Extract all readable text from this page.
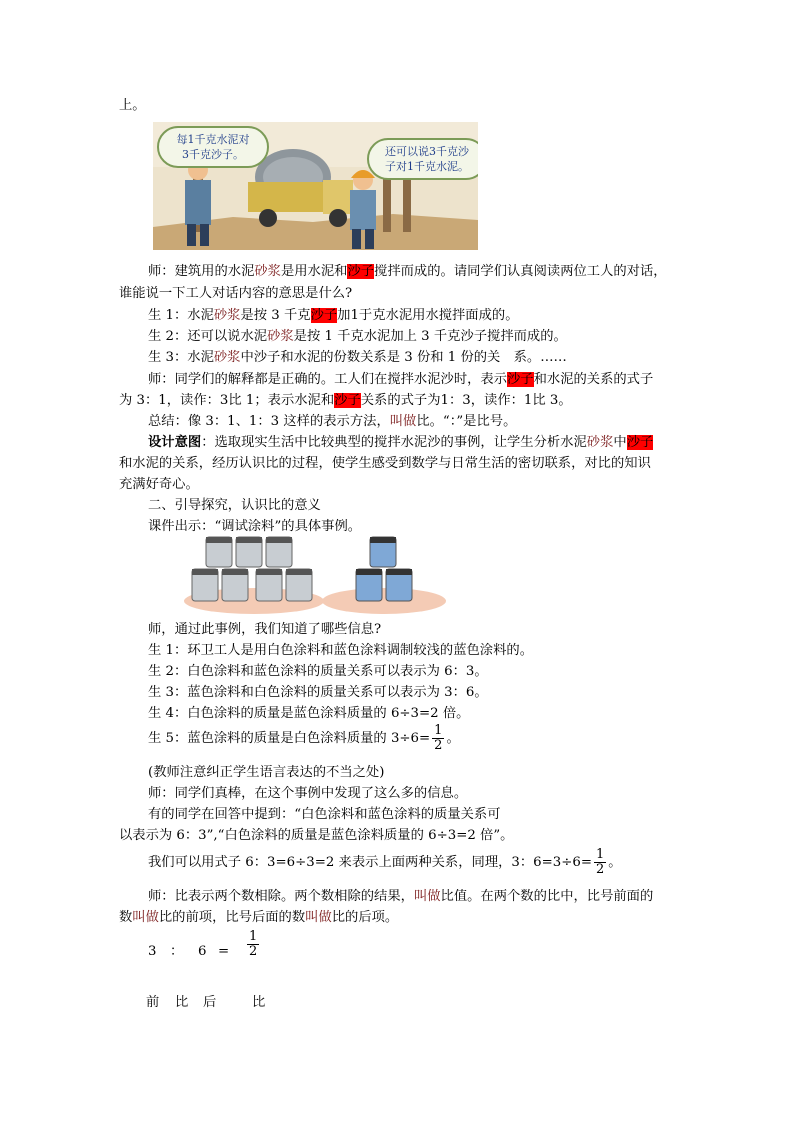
上。
每1千克水泥对
3千克沙子。	还可以说3千克沙
子对1千克水泥。
师：建筑用的水泥砂浆是用水泥和沙子搅拌而成的。请同学们认真阅读两位工人的对话，
谁能说一下工人对话内容的意思是什么?
生 1：水泥砂浆是按 3 千克沙子加1于克水泥用水搅拌面成的。
生 2：还可以说水泥砂浆是按 1 千克水泥加上 3 千克沙子搅拌而成的。
生 3：水泥砂浆中沙子和水泥的份数关系是 3 份和 1 份的关　系。……
师：同学们的解释都是正确的。工人们在搅拌水泥沙时，表示沙子和水泥的关系的式子
为 3：1，读作：3比 1；表示水泥和沙子关系的式子为1：3，读作：1比 3。
总结：像 3：1、1：3 这样的表示方法，叫做比。“：”是比号。
设计意图：选取现实生活中比较典型的搅拌水泥沙的事例，让学生分析水泥砂浆中沙子
和水泥的关系，经历认识比的过程，使学生感受到数学与日常生活的密切联系，对比的知识
充满好奇心。
二、引导探究，认识比的意义
课件出示：“调试涂料”的具体事例。
师，通过此事例，我们知道了哪些信息?
生 1：环卫工人是用白色涂料和蓝色涂料调制较浅的蓝色涂料的。
生 2：白色涂料和蓝色涂料的质量关系可以表示为 6：3。
生 3：蓝色涂料和白色涂料的质量关系可以表示为 3：6。
生 4：白色涂料的质量是蓝色涂料质量的 6÷3=2 倍。
生 5：蓝色涂料的质量是白色涂料质量的 $3\div 6= \frac{1}{2}$ 。
(教师注意纠正学生语言表达的不当之处)
师：同学们真棒，在这个事例中发现了这么多的信息。
有的同学在回答中提到：“白色涂料和蓝色涂料的质量关系可
以表示为 6：3”,“白色涂料的质量是蓝色涂料质量的 6÷3=2 倍”。
我们可以用式子 6：3=6÷3=2 来表示上面两种关系，同理，3：$6=3\div 6= \frac{1}{2}$ 。
师：比表示两个数相除。两个数相除的结果，叫做比值。在两个数的比中，比号前面的
数叫做比的前项，比号后面的数叫做比的后项。
3 ： $6 = \frac{1}{2}$
前 比 后	比
